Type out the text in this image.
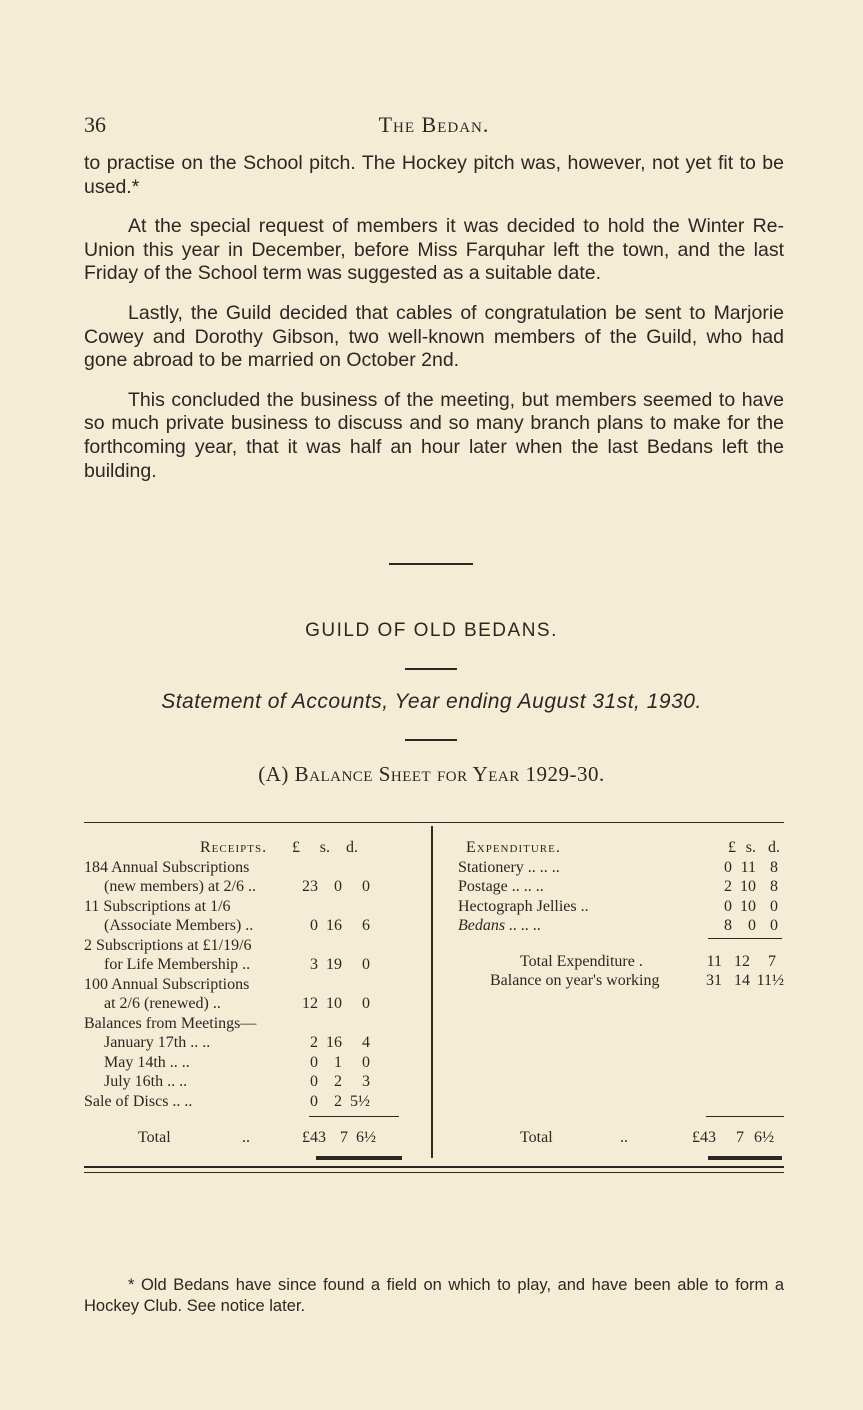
36	The Bedan.

to practise on the School pitch. The Hockey pitch was, however, not yet fit to be used.*

At the special request of members it was decided to hold the Winter Re-Union this year in December, before Miss Farquhar left the town, and the last Friday of the School term was suggested as a suitable date.

Lastly, the Guild decided that cables of congratulation be sent to Marjorie Cowey and Dorothy Gibson, two well-known members of the Guild, who had gone abroad to be married on October 2nd.

This concluded the business of the meeting, but members seemed to have so much private business to discuss and so many branch plans to make for the forthcoming year, that it was half an hour later when the last Bedans left the building.

GUILD OF OLD BEDANS.
Statement of Accounts, Year ending August 31st, 1930.
(A) Balance Sheet for Year 1929-30.
Receipts.	£	s.	d.
184 Annual Subscriptions
(new members) at 2/6 ..	23	0	0
11 Subscriptions at 1/6
(Associate Members) ..	0 16	6
2 Subscriptions at £1/19/6
for Life Membership ..	3 19	0
100 Annual Subscriptions
at 2/6 (renewed) ..	12 10	0
Balances from Meetings—
January 17th .. ..	2 16	4
May 14th .. ..	0	1	0
July 16th .. ..	0	2	3
Sale of Discs .. ..	0	2 5½
Total	..	£43 7 6½
Expenditure.	£ s. d.
Stationery .. .. ..	0 11 8
Postage .. .. ..	2 10 8
Hectograph Jellies ..	0 10 0
Bedans .. .. ..	8	0 0
Total Expenditure .	11 12	7
Balance on year's working	31 14 11½
Total	..	£43	7 6½
* Old Bedans have since found a field on which to play, and have been able to form a Hockey Club. See notice later.
